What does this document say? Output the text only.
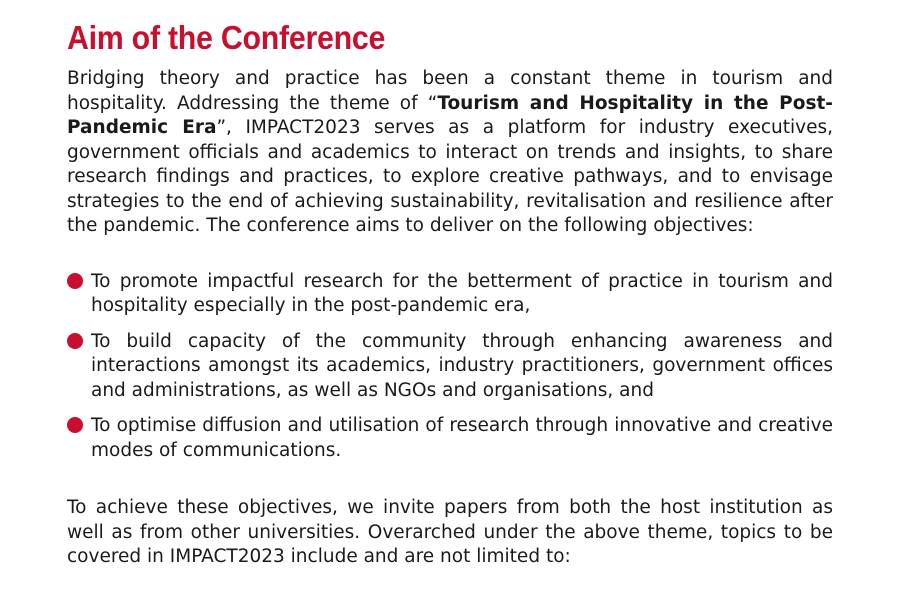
Aim of the Conference

Bridging theory and practice has been a constant theme in tourism and hospitality. Addressing the theme of “Tourism and Hospitality in the Post-Pandemic Era”, IMPACT2023 serves as a platform for industry executives, government officials and academics to interact on trends and insights, to share research findings and practices, to explore creative pathways, and to envisage strategies to the end of achieving sustainability, revitalisation and resilience after the pandemic. The conference aims to deliver on the following objectives:

To promote impactful research for the betterment of practice in tourism and hospitality especially in the post-pandemic era,
To build capacity of the community through enhancing awareness and interactions amongst its academics, industry practitioners, government offices and administrations, as well as NGOs and organisations, and
To optimise diffusion and utilisation of research through innovative and creative modes of communications.

To achieve these objectives, we invite papers from both the host institution as well as from other universities. Overarched under the above theme, topics to be covered in IMPACT2023 include and are not limited to:
